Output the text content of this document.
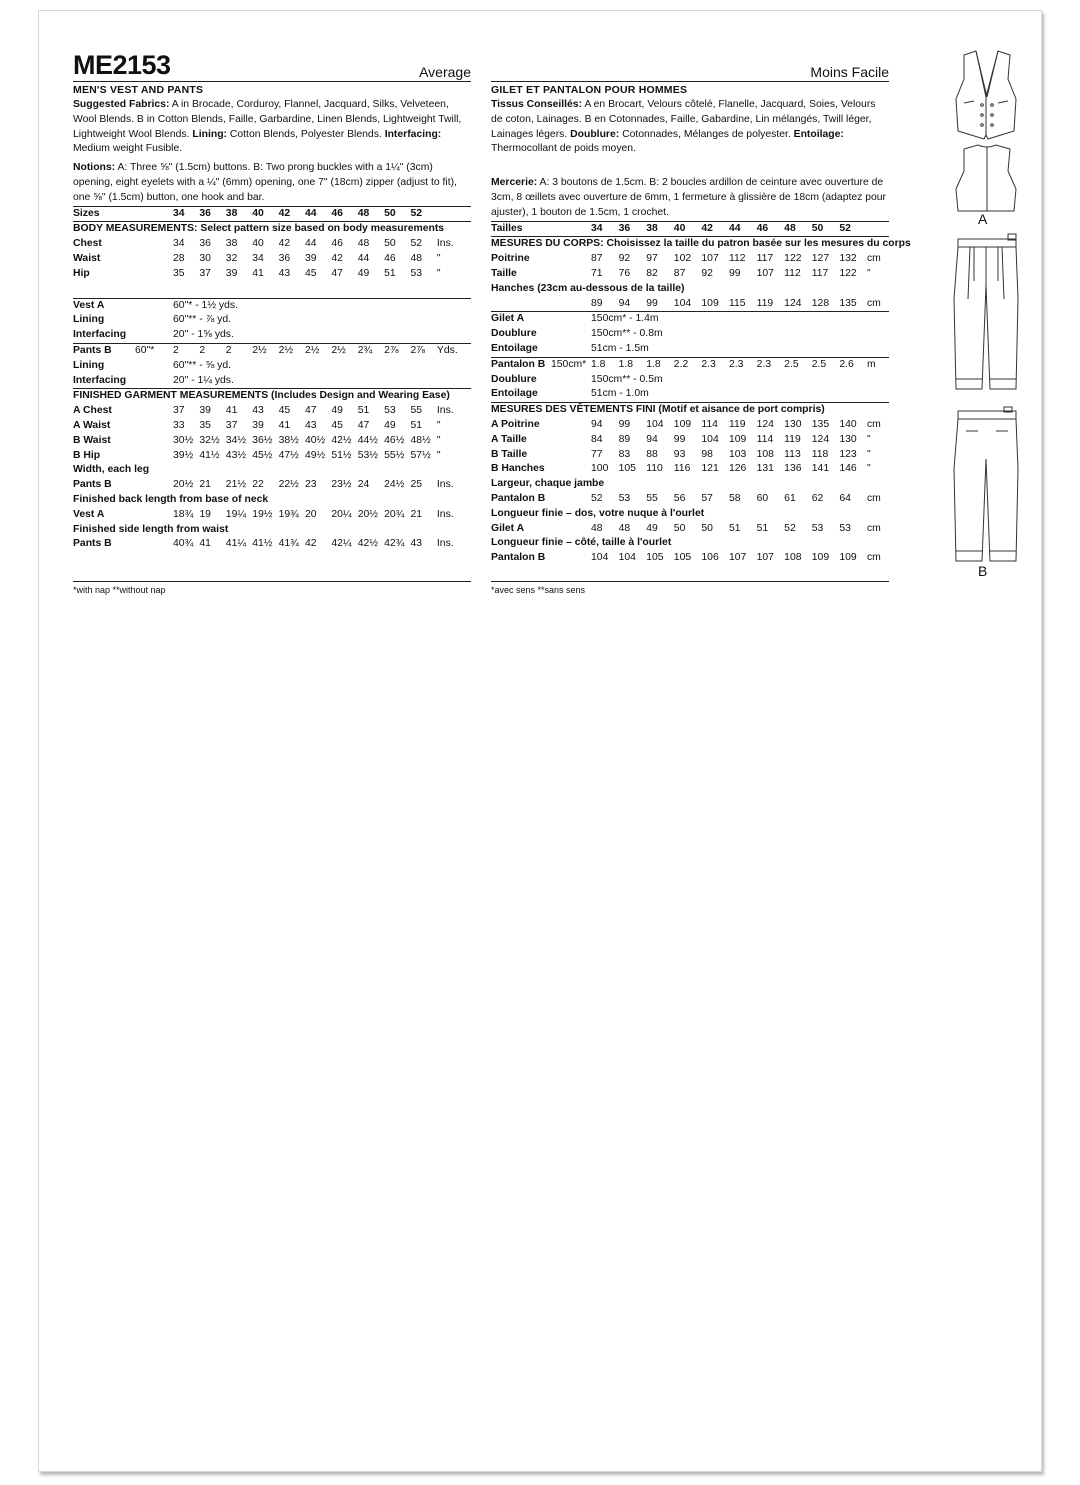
ME2153	Average
MEN'S VEST AND PANTS
Suggested Fabrics: A in Brocade, Corduroy, Flannel, Jacquard, Silks, Velveteen, Wool Blends. B in Cotton Blends, Faille, Garbardine, Linen Blends, Lightweight Twill, Lightweight Wool Blends. Lining: Cotton Blends, Polyester Blends. Interfacing: Medium weight Fusible.
Notions: A: Three ⅝" (1.5cm) buttons. B: Two prong buckles with a 1¼" (3cm) opening, eight eyelets with a ¼" (6mm) opening, one 7" (18cm) zipper (adjust to fit), one ⅝" (1.5cm) button, one hook and bar.
Sizes	34	36	38	40	42	44	46	48	50	52	
BODY MEASUREMENTS: Select pattern size based on body measurements											
Chest	34	36	38	40	42	44	46	48	50	52	Ins.
Waist	28	30	32	34	36	39	42	44	46	48	"
Hip	35	37	39	41	43	45	47	49	51	53	"

Vest A	60"* - 1½ yds.										
Lining	60"** - ⅞ yd.										
Interfacing	20" - 1⅝ yds.										
Pants B 60"*	2	2	2	2½	2½	2½	2½	2¾	2⅞	2⅞	Yds.
Lining	60"** - ⅝ yd.										
Interfacing	20" - 1¼ yds.										
FINISHED GARMENT MEASUREMENTS (Includes Design and Wearing Ease)											
A Chest	37	39	41	43	45	47	49	51	53	55	Ins.
A Waist	33	35	37	39	41	43	45	47	49	51	"
B Waist	30½	32½	34½	36½	38½	40½	42½	44½	46½	48½	"
B Hip	39½	41½	43½	45½	47½	49½	51½	53½	55½	57½	"
Width, each leg											
Pants B	20½	21	21½	22	22½	23	23½	24	24½	25	Ins.
Finished back length from base of neck											
Vest A	18¾	19	19¼	19½	19¾	20	20¼	20½	20¾	21	Ins.
Finished side length from waist											
Pants B	40¾	41	41¼	41½	41¾	42	42¼	42½	42¾	43	Ins.
Moins Facile
GILET ET PANTALON POUR HOMMES
Tissus Conseillés: A en Brocart, Velours côtelé, Flanelle, Jacquard, Soies, Velours de coton, Lainages. B en Cotonnades, Faille, Gabardine, Lin mélangés, Twill léger, Lainages légers. Doublure: Cotonnades, Mélanges de polyester. Entoilage: Thermocollant de poids moyen.
Mercerie: A: 3 boutons de 1.5cm. B: 2 boucles ardillon de ceinture avec ouverture de 3cm, 8 œillets avec ouverture de 6mm, 1 fermeture à glissière de 18cm (adaptez pour ajuster), 1 bouton de 1.5cm, 1 crochet.
Tailles	34	36	38	40	42	44	46	48	50	52	
MESURES DU CORPS: Choisissez la taille du patron basée sur les mesures du corps											
Poitrine	87	92	97	102	107	112	117	122	127	132	cm
Taille	71	76	82	87	92	99	107	112	117	122	"
Hanches (23cm au-dessous de la taille)											
	89	94	99	104	109	115	119	124	128	135	cm
Gilet A	150cm* - 1.4m										
Doublure	150cm** - 0.8m										
Entoilage	51cm - 1.5m										
Pantalon B 150cm*	1.8	1.8	1.8	2.2	2.3	2.3	2.3	2.5	2.5	2.6	m
Doublure	150cm** - 0.5m										
Entoilage	51cm - 1.0m										
MESURES DES VÊTEMENTS FINI (Motif et aisance de port compris)											
A Poitrine	94	99	104	109	114	119	124	130	135	140	cm
A Taille	84	89	94	99	104	109	114	119	124	130	"
B Taille	77	83	88	93	98	103	108	113	118	123	"
B Hanches	100	105	110	116	121	126	131	136	141	146	"
Largeur, chaque jambe											
Pantalon B	52	53	55	56	57	58	60	61	62	64	cm
Longueur finie – dos, votre nuque à l'ourlet											
Gilet A	48	48	49	50	50	51	51	52	53	53	cm
Longueur finie – côté, taille à l'ourlet											
Pantalon B	104	104	105	105	106	107	107	108	109	109	cm
*with nap **without nap	*avec sens **sans sens
A
B
